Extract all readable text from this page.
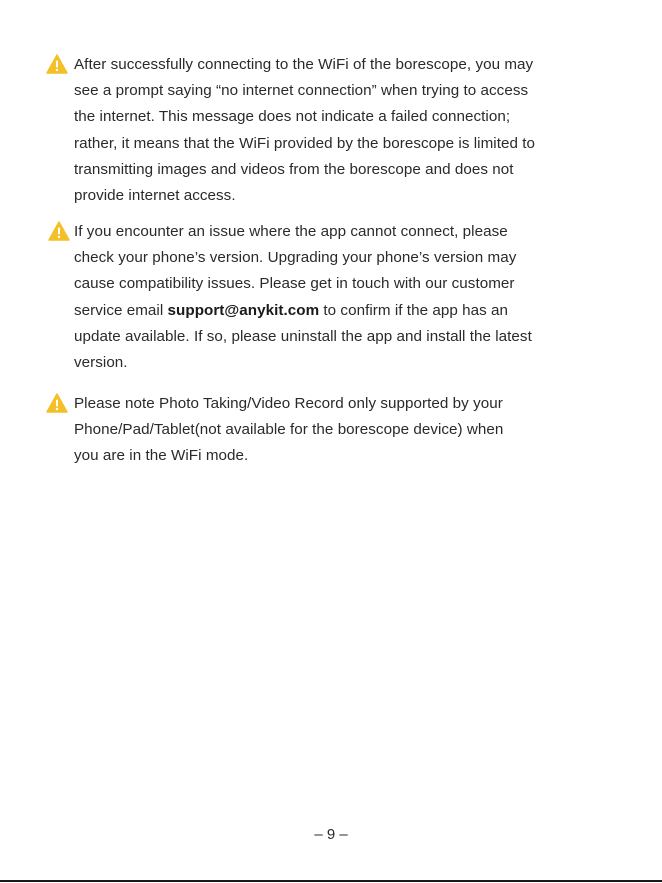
After successfully connecting to the WiFi of the borescope, you may
see a prompt saying “no internet connection” when trying to access
the internet. This message does not indicate a failed connection;
rather, it means that the WiFi provided by the borescope is limited to
transmitting images and videos from the borescope and does not
provide internet access.

If you encounter an issue where the app cannot connect, please
check your phone’s version. Upgrading your phone’s version may
cause compatibility issues. Please get in touch with our customer
service email support@anykit.com to confirm if the app has an
update available. If so, please uninstall the app and install the latest
version.

Please note Photo Taking/Video Record only supported by your
Phone/Pad/Tablet(not available for the borescope device) when
you are in the WiFi mode.

– 9 –
